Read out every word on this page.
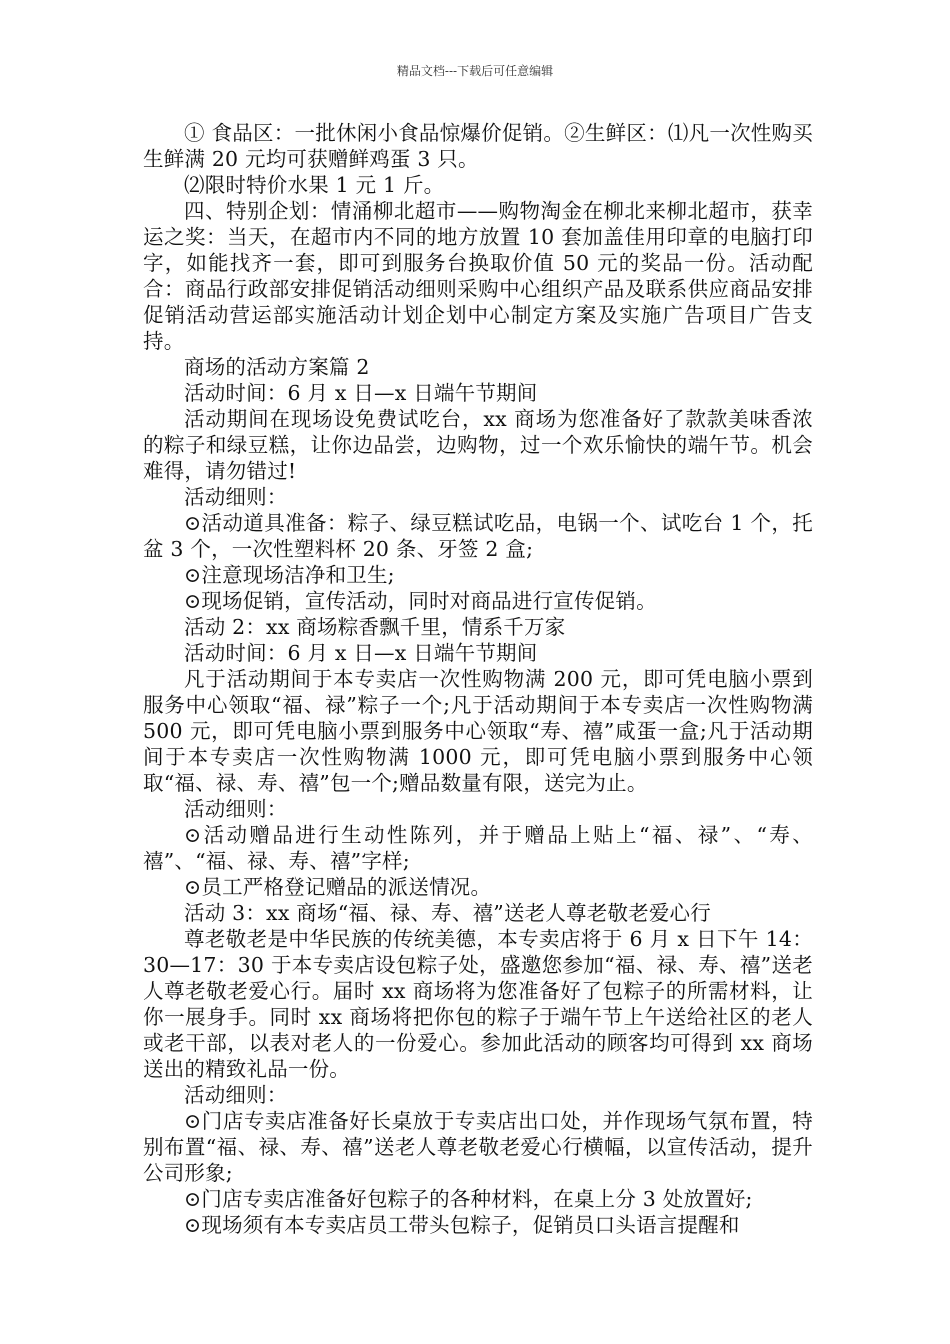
精品文档---下载后可任意编辑

① 食品区：一批休闲小食品惊爆价促销。②生鲜区：⑴凡一次性购买生鲜满 20 元均可获赠鲜鸡蛋 3 只。

⑵限时特价水果 1 元 1 斤。

四、特别企划：情涌柳北超市——购物淘金在柳北来柳北超市，获幸运之奖：当天，在超市内不同的地方放置 10 套加盖佳用印章的电脑打印字，如能找齐一套，即可到服务台换取价值 50 元的奖品一份。活动配合：商品行政部安排促销活动细则采购中心组织产品及联系供应商品安排促销活动营运部实施活动计划企划中心制定方案及实施广告项目广告支持。

商场的活动方案篇 2

活动时间：6 月 x 日—x 日端午节期间

活动期间在现场设免费试吃台，xx 商场为您准备好了款款美味香浓的粽子和绿豆糕，让你边品尝，边购物，过一个欢乐愉快的端午节。机会难得，请勿错过!

活动细则：

⊙活动道具准备：粽子、绿豆糕试吃品，电锅一个、试吃台 1 个，托盆 3 个，一次性塑料杯 20 条、牙签 2 盒;

⊙注意现场洁净和卫生;

⊙现场促销，宣传活动，同时对商品进行宣传促销。

活动 2：xx 商场粽香飘千里，情系千万家

活动时间：6 月 x 日—x 日端午节期间

凡于活动期间于本专卖店一次性购物满 200 元，即可凭电脑小票到服务中心领取“福、禄”粽子一个;凡于活动期间于本专卖店一次性购物满 500 元，即可凭电脑小票到服务中心领取“寿、禧”咸蛋一盒;凡于活动期间于本专卖店一次性购物满 1000 元，即可凭电脑小票到服务中心领取“福、禄、寿、禧”包一个;赠品数量有限，送完为止。

活动细则：

⊙活动赠品进行生动性陈列，并于赠品上贴上“福、禄”、“寿、禧”、“福、禄、寿、禧”字样;

⊙员工严格登记赠品的派送情况。

活动 3：xx 商场“福、禄、寿、禧”送老人尊老敬老爱心行

尊老敬老是中华民族的传统美德，本专卖店将于 6 月 x 日下午 14：30—17：30 于本专卖店设包粽子处，盛邀您参加“福、禄、寿、禧”送老人尊老敬老爱心行。届时 xx 商场将为您准备好了包粽子的所需材料，让你一展身手。同时 xx 商场将把你包的粽子于端午节上午送给社区的老人或老干部，以表对老人的一份爱心。参加此活动的顾客均可得到 xx 商场送出的精致礼品一份。

活动细则：

⊙门店专卖店准备好长桌放于专卖店出口处，并作现场气氛布置，特别布置“福、禄、寿、禧”送老人尊老敬老爱心行横幅，以宣传活动，提升公司形象;

⊙门店专卖店准备好包粽子的各种材料，在桌上分 3 处放置好;

⊙现场须有本专卖店员工带头包粽子，促销员口头语言提醒和
